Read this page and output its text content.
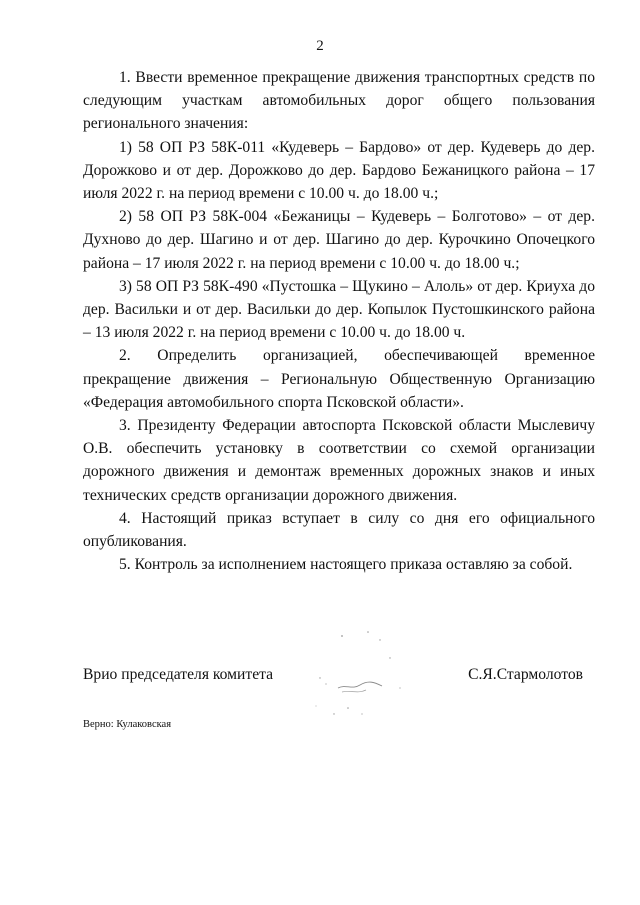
2

1. Ввести временное прекращение движения транспортных средств по следующим участкам автомобильных дорог общего пользования регионального значения:

1) 58 ОП РЗ 58К-011 «Кудеверь – Бардово» от дер. Кудеверь до дер. Дорожково и от дер. Дорожково до дер. Бардово Бежаницкого района – 17 июля 2022 г. на период времени с 10.00 ч. до 18.00 ч.;

2) 58 ОП РЗ 58К-004 «Бежаницы – Кудеверь – Болготово» – от дер. Духново до дер. Шагино и от дер. Шагино до дер. Курочкино Опочецкого района – 17 июля 2022 г. на период времени с 10.00 ч. до 18.00 ч.;

3) 58 ОП РЗ 58К-490 «Пустошка – Щукино – Алоль» от дер. Криуха до дер. Васильки и от дер. Васильки до дер. Копылок Пустошкинского района – 13 июля 2022 г. на период времени с 10.00 ч. до 18.00 ч.

2. Определить организацией, обеспечивающей временное прекращение движения – Региональную Общественную Организацию «Федерация автомобильного спорта Псковской области».

3. Президенту Федерации автоспорта Псковской области Мыслевичу О.В. обеспечить установку в соответствии со схемой организации дорожного движения и демонтаж временных дорожных знаков и иных технических средств организации дорожного движения.

4. Настоящий приказ вступает в силу со дня его официального опубликования.

5. Контроль за исполнением настоящего приказа оставляю за собой.

Врио председателя комитета	С.Я.Стармолотов
Верно: Кулаковская
